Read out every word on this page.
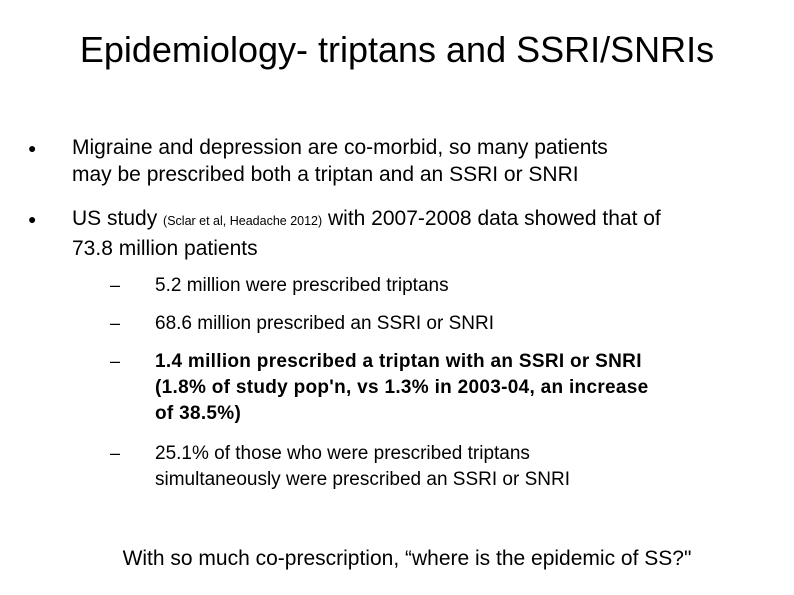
Epidemiology- triptans and SSRI/SNRIs
● Migraine and depression are co-morbid, so many patients
may be prescribed both a triptan and an SSRI or SNRI
● US study (Sclar et al, Headache 2012) with 2007-2008 data showed that of
73.8 million patients
– 5.2 million were prescribed triptans
– 68.6 million prescribed an SSRI or SNRI
– 1.4 million prescribed a triptan with an SSRI or SNRI
(1.8% of study pop'n, vs 1.3% in 2003-04, an increase
of 38.5%)
– 25.1% of those who were prescribed triptans
simultaneously were prescribed an SSRI or SNRI
With so much co-prescription, “where is the epidemic of SS?"
